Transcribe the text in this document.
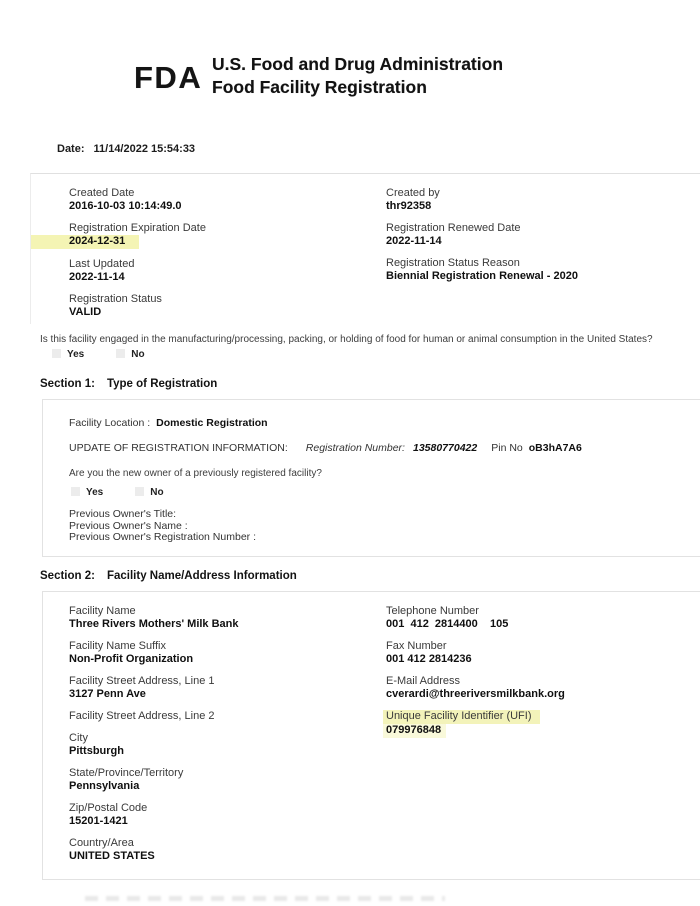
FDA U.S. Food and Drug Administration
Food Facility Registration
Date: 11/14/2022 15:54:33
Created Date
2016-10-03 10:14:49.0
Registration Expiration Date
2024-12-31
Last Updated
2022-11-14
Registration Status
VALID
Created by
thr92358
Registration Renewed Date
2022-11-14
Registration Status Reason
Biennial Registration Renewal - 2020
Is this facility engaged in the manufacturing/processing, packing, or holding of food for human or animal consumption in the United States?
Yes	No
Section 1: Type of Registration
Facility Location : Domestic Registration
UPDATE OF REGISTRATION INFORMATION: Registration Number: 13580770422 Pin No oB3hA7A6
Are you the new owner of a previously registered facility?
Yes	No
Previous Owner's Title:
Previous Owner's Name :
Previous Owner's Registration Number :
Section 2: Facility Name/Address Information
Facility Name
Three Rivers Mothers' Milk Bank
Facility Name Suffix
Non-Profit Organization
Facility Street Address, Line 1
3127 Penn Ave
Facility Street Address, Line 2
City
Pittsburgh
State/Province/Territory
Pennsylvania
Zip/Postal Code
15201-1421
Country/Area
UNITED STATES
Telephone Number
001  412  2814400    105
Fax Number
001 412 2814236
E-Mail Address
cverardi@threeriversmilkbank.org
Unique Facility Identifier (UFI)
079976848
